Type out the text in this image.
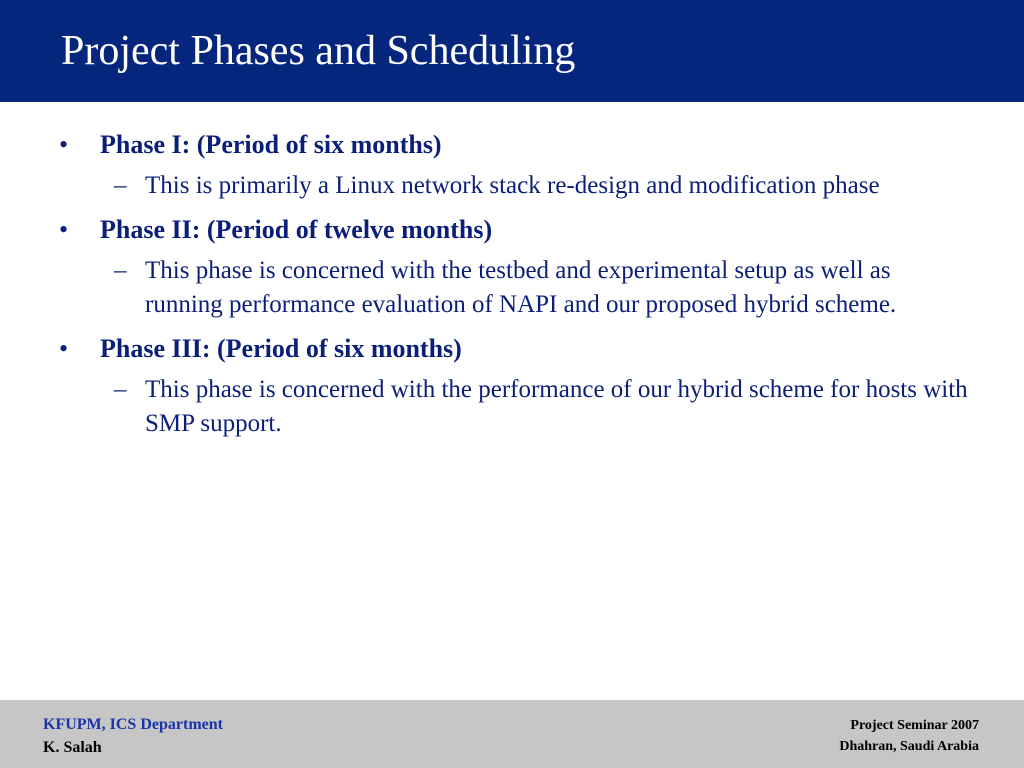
Project Phases and Scheduling
• Phase I: (Period of six months)
– This is primarily a Linux network stack re-design and modification phase
• Phase II: (Period of twelve months)
– This phase is concerned with the testbed and experimental setup as well as running performance evaluation of NAPI and our proposed hybrid scheme.
• Phase III: (Period of six months)
– This phase is concerned with the performance of our hybrid scheme for hosts with SMP support.
KFUPM, ICS Department
K. Salah
Project Seminar 2007
Dhahran, Saudi Arabia
